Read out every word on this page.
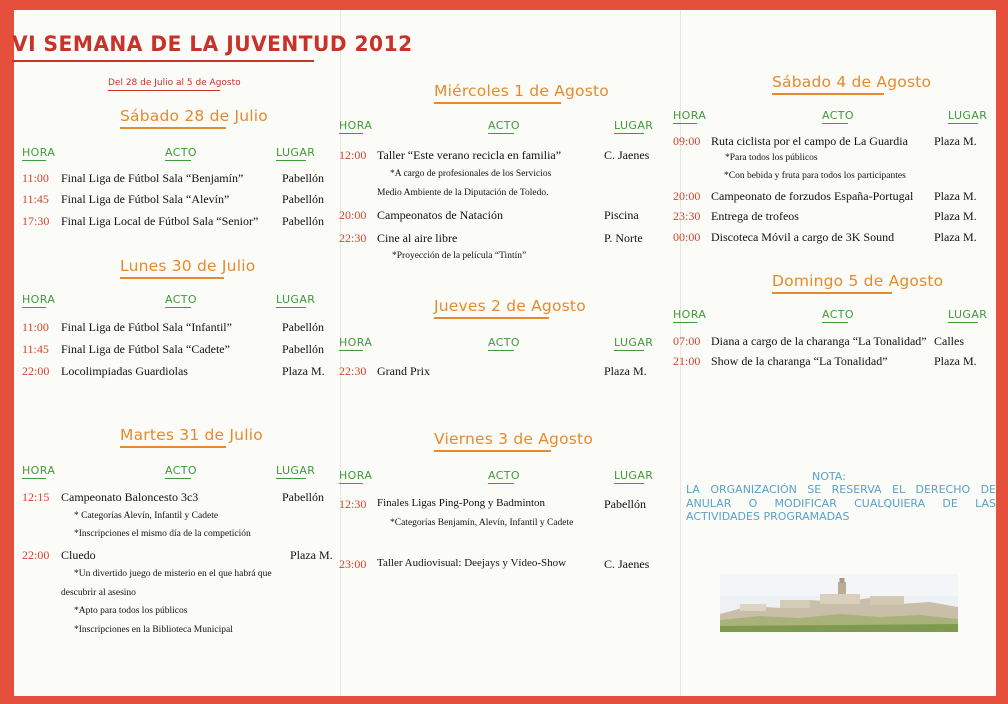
VI SEMANA DE LA JUVENTUD 2012
Del 28 de Julio al 5 de Agosto
NOTA:
LA ORGANIZACIÓN SE RESERVA EL DERECHO DE ANULAR O MODIFICAR CUALQUIERA DE LAS ACTIVIDADES PROGRAMADAS
Sábado 28 de Julio
HORA	ACTO	LUGAR
11:00 Final Liga de Fútbol Sala “Benjamín”	Pabellón
11:45 Final Liga de Fútbol Sala “Alevín”	Pabellón
17:30 Final Liga Local de Fútbol Sala “Senior” Pabellón
Lunes 30 de Julio
HORA	ACTO	LUGAR
11:00 Final Liga de Fútbol Sala “Infantil”	Pabellón
11:45 Final Liga de Fútbol Sala “Cadete”	Pabellón
22:00 Locolimpiadas Guardiolas	Plaza M.
Martes 31 de Julio
HORA	ACTO	LUGAR
12:15 Campeonato Baloncesto 3c3	Pabellón
* Categorías Alevín, Infantil y Cadete
*Inscripciones el mismo día de la competición
22:00 Cluedo	Plaza M.
*Un divertido juego de misterio en el que habrá que
descubrir al asesino
*Apto para todos los públicos
*Inscripciones en la Biblioteca Municipal
Miércoles 1 de Agosto
HORA	ACTO	LUGAR
12:00 Taller “Este verano recicla en familia”	C. Jaenes
*A cargo de profesionales de los Servicios
Medio Ambiente de la Diputación de Toledo.
20:00 Campeonatos de Natación	Piscina
22:30 Cine al aire libre	P. Norte
*Proyección de la película “Tintín”
Jueves 2 de Agosto
HORA	ACTO	LUGAR
22:30 Grand Prix	Plaza M.
Viernes 3 de Agosto
HORA	ACTO	LUGAR
12:30 Finales Ligas Ping-Pong y Badminton	Pabellón
*Categorías Benjamín, Alevín, Infantil y Cadete
23:00 Taller Audiovisual: Deejays y Vídeo-Show	C. Jaenes
Sábado 4 de Agosto
HORA	ACTO	LUGAR
09:00 Ruta ciclista por el campo de La Guardia Plaza M.
*Para todos los públicos
*Con bebida y fruta para todos los participantes
20:00 Campeonato de forzudos España-Portugal Plaza M.
23:30 Entrega de trofeos	Plaza M.
00:00 Discoteca Móvil a cargo de 3K Sound	Plaza M.
Domingo 5 de Agosto
HORA	ACTO	LUGAR
07:00 Diana a cargo de la charanga “La Tonalidad” Calles
21:00 Show de la charanga “La Tonalidad”	Plaza M.
